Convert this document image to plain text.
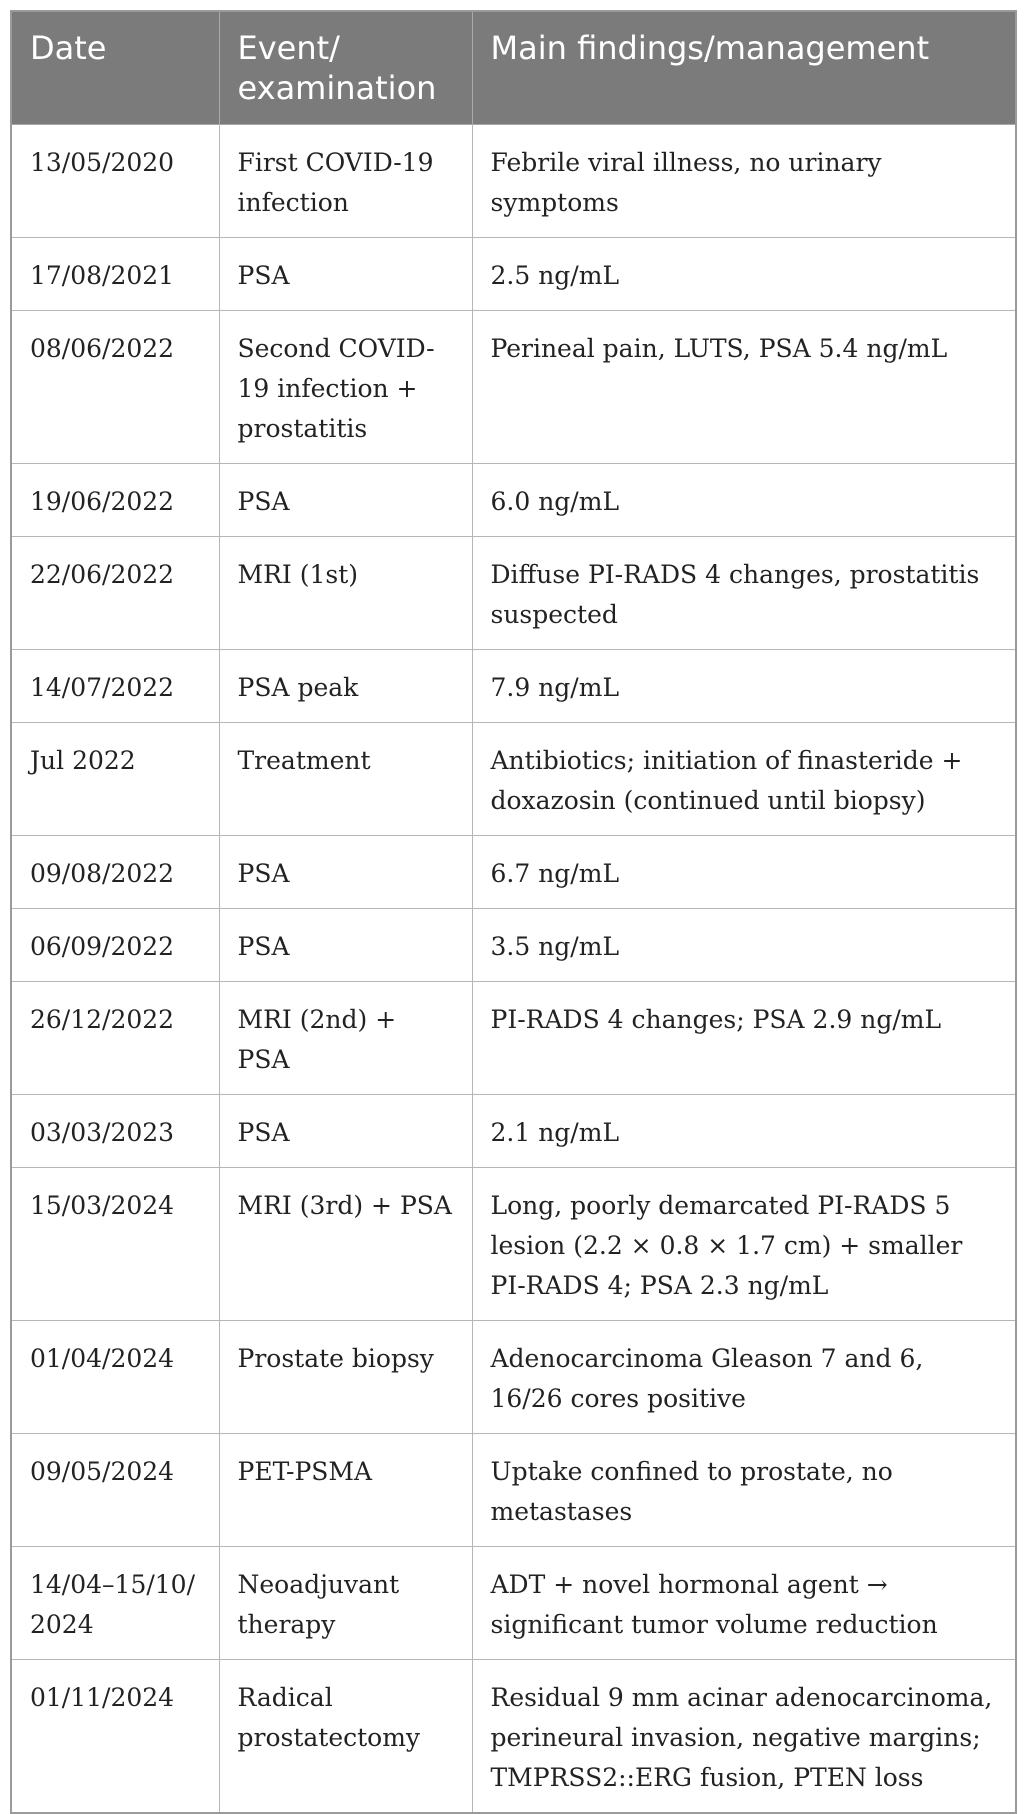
Date	Event/ examination	Main findings/management
13/05/2020	First COVID-19 infection	Febrile viral illness, no urinary symptoms
17/08/2021	PSA	2.5 ng/mL
08/06/2022	Second COVID-19 infection + prostatitis	Perineal pain, LUTS, PSA 5.4 ng/mL
19/06/2022	PSA	6.0 ng/mL
22/06/2022	MRI (1st)	Diffuse PI-RADS 4 changes, prostatitis suspected
14/07/2022	PSA peak	7.9 ng/mL
Jul 2022	Treatment	Antibiotics; initiation of finasteride + doxazosin (continued until biopsy)
09/08/2022	PSA	6.7 ng/mL
06/09/2022	PSA	3.5 ng/mL
26/12/2022	MRI (2nd) + PSA	PI-RADS 4 changes; PSA 2.9 ng/mL
03/03/2023	PSA	2.1 ng/mL
15/03/2024	MRI (3rd) + PSA	Long, poorly demarcated PI-RADS 5 lesion (2.2 × 0.8 × 1.7 cm) + smaller PI-RADS 4; PSA 2.3 ng/mL
01/04/2024	Prostate biopsy	Adenocarcinoma Gleason 7 and 6, 16/26 cores positive
09/05/2024	PET-PSMA	Uptake confined to prostate, no metastases
14/04–15/10/ 2024	Neoadjuvant therapy	ADT + novel hormonal agent → significant tumor volume reduction
01/11/2024	Radical prostatectomy	Residual 9 mm acinar adenocarcinoma, perineural invasion, negative margins; TMPRSS2::ERG fusion, PTEN loss
